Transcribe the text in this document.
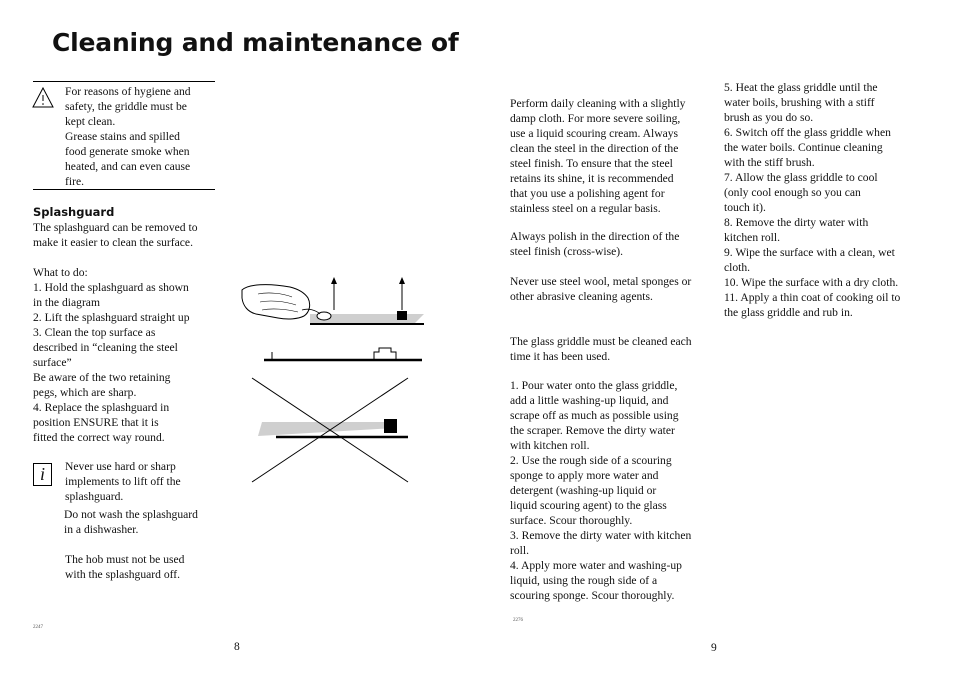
Cleaning and maintenance of
For reasons of hygiene and
safety, the griddle must be
kept clean.
Grease stains and spilled
food generate smoke when
heated, and can even cause
fire.
Splashguard
The splashguard can be removed to
make it easier to clean the surface.
What to do:
1. Hold the splashguard as shown
in the diagram
2. Lift the splashguard straight up
3. Clean the top surface as
described in “cleaning the steel
surface”
Be aware of the two retaining
pegs, which are sharp.
4. Replace the splashguard in
position ENSURE that it is
fitted the correct way round.
i	Never use hard or sharp
implements to lift off the
splashguard.
Do not wash the splashguard
in a dishwasher.
The hob must not be used
with the splashguard off.
2247
8
Perform daily cleaning with a slightly
damp cloth. For more severe soiling,
use a liquid scouring cream. Always
clean the steel in the direction of the
steel finish. To ensure that the steel
retains its shine, it is recommended
that you use a polishing agent for
stainless steel on a regular basis.
Always polish in the direction of the
steel finish (cross-wise).
Never use steel wool, metal sponges or
other abrasive cleaning agents.
The glass griddle must be cleaned each
time it has been used.
1. Pour water onto the glass griddle,
add a little washing-up liquid, and
scrape off as much as possible using
the scraper. Remove the dirty water
with kitchen roll.
2. Use the rough side of a scouring
sponge to apply more water and
detergent (washing-up liquid or
liquid scouring agent) to the glass
surface. Scour thoroughly.
3. Remove the dirty water with kitchen
roll.
4. Apply more water and washing-up
liquid, using the rough side of a
scouring sponge. Scour thoroughly.
2276
9
5. Heat the glass griddle until the
water boils, brushing with a stiff
brush as you do so.
6. Switch off the glass griddle when
the water boils. Continue cleaning
with the stiff brush.
7. Allow the glass griddle to cool
(only cool enough so you can
touch it).
8. Remove the dirty water with
kitchen roll.
9. Wipe the surface with a clean, wet
cloth.
10. Wipe the surface with a dry cloth.
11. Apply a thin coat of cooking oil to
the glass griddle and rub in.
